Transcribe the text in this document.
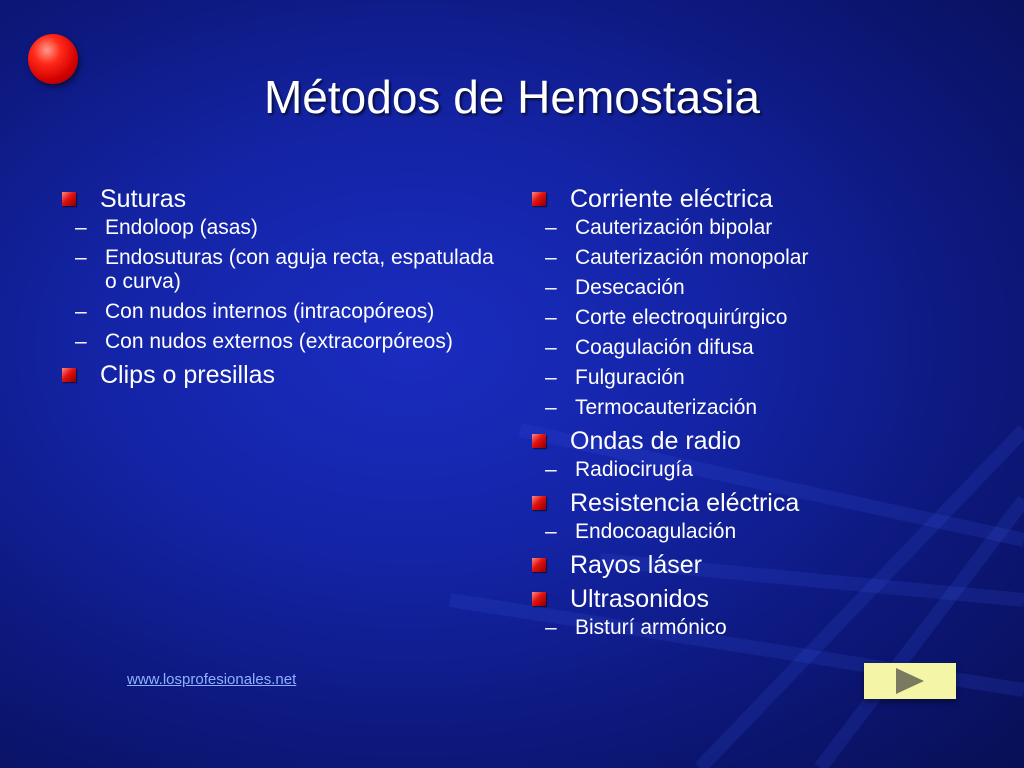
Métodos de Hemostasia
Suturas
– Endoloop (asas)
– Endosuturas (con aguja recta, espatulada o curva)
– Con nudos internos (intracopóreos)
– Con nudos externos (extracorpóreos)
Clips o presillas
Corriente eléctrica
– Cauterización bipolar
– Cauterización monopolar
– Desecación
– Corte electroquirúrgico
– Coagulación difusa
– Fulguración
– Termocauterización
Ondas de radio
– Radiocirugía
Resistencia eléctrica
– Endocoagulación
Rayos láser
Ultrasonidos
– Bisturí armónico
www.losprofesionales.net
